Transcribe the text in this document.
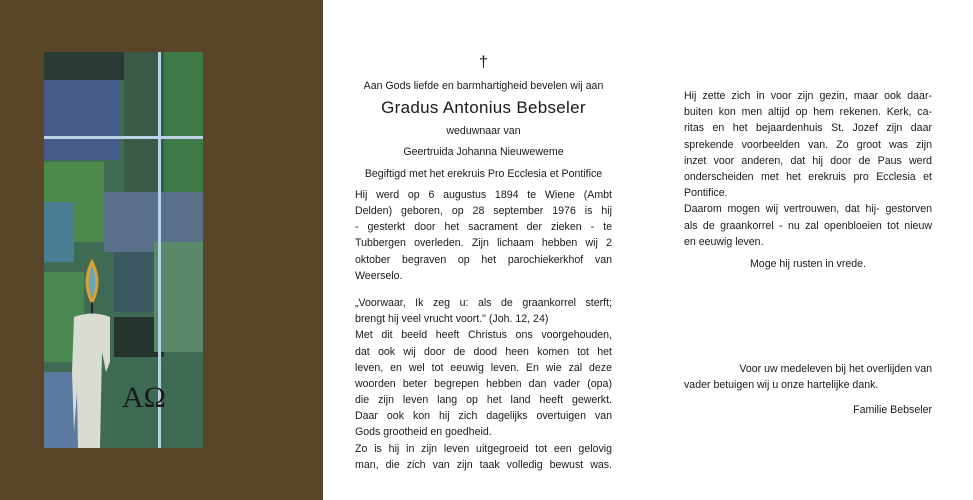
AΩ
†
Aan Gods liefde en barmhartigheid bevelen wij aan
Gradus Antonius Bebseler
weduwnaar van
Geertruida Johanna Nieuweweme
Begiftigd met het erekruis Pro Ecclesia et Pontifice
Hij werd op 6 augustus 1894 te Wiene (Ambt
Delden) geboren, op 28 september 1976 is hij
- gesterkt door het sacrament der zieken - te
Tubbergen overleden. Zijn lichaam hebben wij 2
oktober begraven op het parochiekerkhof van
Weerselo.
„Voorwaar, Ik zeg u: als de graankorrel sterft;
brengt hij veel vrucht voort." (Joh. 12, 24)
Met dit beeld heeft Christus ons voorgehouden,
dat ook wij door de dood heen komen tot het
leven, en wel tot eeuwig leven. En wie zal deze
woorden beter begrepen hebben dan vader (opa)
die zijn leven lang op het land heeft gewerkt.
Daar ook kon hij zich dagelijks overtuigen van
Gods grootheid en goedheid.
Zo is hij in zijn leven uitgegroeid tot een gelovig
man, die zich van zijn taak volledig bewust was.
Hij zette zich in voor zijn gezin, maar ook daar-
buiten kon men altijd op hem rekenen. Kerk, ca-
ritas en het bejaardenhuis St. Jozef zijn daar
sprekende voorbeelden van. Zo groot was zijn
inzet voor anderen, dat hij door de Paus werd
onderscheiden met het erekruis pro Ecclesia et
Pontifice.
Daarom mogen wij vertrouwen, dat hij- gestorven
als de graankorrel - nu zal openbloeien tot nieuw
en eeuwig leven.
Moge hij rusten in vrede.
Voor uw medeleven bij het overlijden van
vader betuigen wij u onze hartelijke dank.
Familie Bebseler
